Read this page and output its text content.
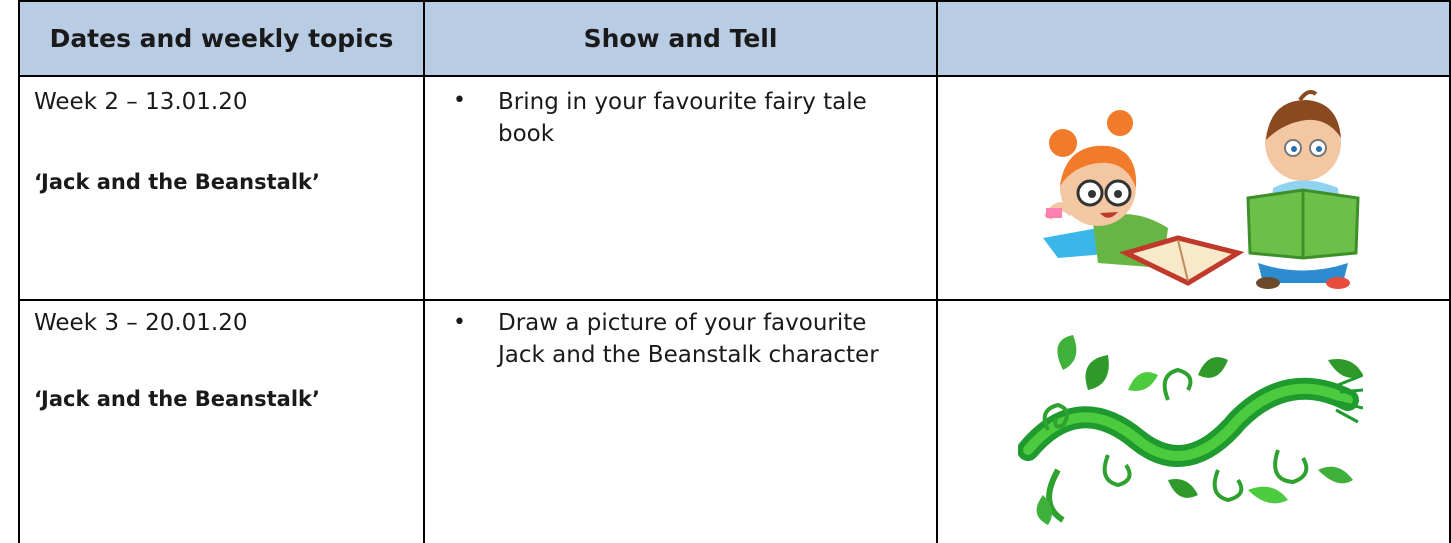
Dates and weekly topics	Show and Tell
Week 2 – 13.01.20
‘Jack and the Beanstalk’
• Bring in your favourite fairy tale book
Week 3 – 20.01.20
‘Jack and the Beanstalk’
• Draw a picture of your favourite Jack and the Beanstalk character
